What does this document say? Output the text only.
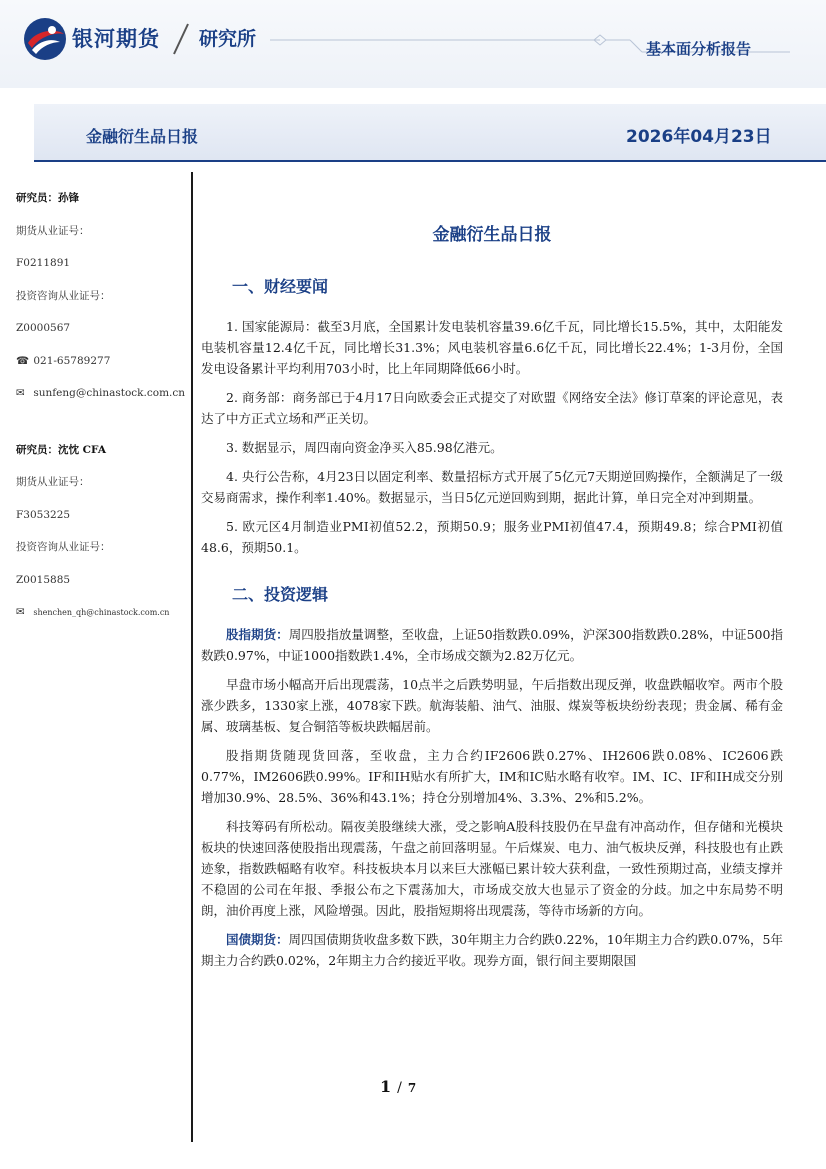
银河期货 研究所	基本面分析报告
金融衍生品日报	2026年04月23日
研究员：孙锋
期货从业证号：
F0211891
投资咨询从业证号：
Z0000567
☎ 021-65789277
✉ sunfeng@chinastock.com.cn
研究员：沈忱 CFA
期货从业证号：
F3053225
投资咨询从业证号：
Z0015885
✉ shenchen_qh@chinastock.com.cn
金融衍生品日报
一、财经要闻

1. 国家能源局：截至3月底，全国累计发电装机容量39.6亿千瓦，同比增长15.5%，其中，太阳能发电装机容量12.4亿千瓦，同比增长31.3%；风电装机容量6.6亿千瓦，同比增长22.4%；1-3月份，全国发电设备累计平均利用703小时，比上年同期降低66小时。

2. 商务部：商务部已于4月17日向欧委会正式提交了对欧盟《网络安全法》修订草案的评论意见，表达了中方正式立场和严正关切。

3. 数据显示，周四南向资金净买入85.98亿港元。

4. 央行公告称，4月23日以固定利率、数量招标方式开展了5亿元7天期逆回购操作，全额满足了一级交易商需求，操作利率1.40%。数据显示，当日5亿元逆回购到期，据此计算，单日完全对冲到期量。

5. 欧元区4月制造业PMI初值52.2，预期50.9；服务业PMI初值47.4，预期49.8；综合PMI初值48.6，预期50.1。

二、投资逻辑

股指期货：周四股指放量调整，至收盘，上证50指数跌0.09%，沪深300指数跌0.28%，中证500指数跌0.97%，中证1000指数跌1.4%，全市场成交额为2.82万亿元。

早盘市场小幅高开后出现震荡，10点半之后跌势明显，午后指数出现反弹，收盘跌幅收窄。两市个股涨少跌多，1330家上涨，4078家下跌。航海装船、油气、油服、煤炭等板块纷纷表现；贵金属、稀有金属、玻璃基板、复合铜箔等板块跌幅居前。

股指期货随现货回落，至收盘，主力合约IF2606跌0.27%、IH2606跌0.08%、IC2606跌0.77%，IM2606跌0.99%。IF和IH贴水有所扩大，IM和IC贴水略有收窄。IM、IC、IF和IH成交分别增加30.9%、28.5%、36%和43.1%；持仓分别增加4%、3.3%、2%和5.2%。

科技筹码有所松动。隔夜美股继续大涨，受之影响A股科技股仍在早盘有冲高动作，但存储和光模块板块的快速回落使股指出现震荡，午盘之前回落明显。午后煤炭、电力、油气板块反弹，科技股也有止跌迹象，指数跌幅略有收窄。科技板块本月以来巨大涨幅已累计较大获利盘，一致性预期过高，业绩支撑并不稳固的公司在年报、季报公布之下震荡加大，市场成交放大也显示了资金的分歧。加之中东局势不明朗，油价再度上涨，风险增强。因此，股指短期将出现震荡，等待市场新的方向。

国债期货：周四国债期货收盘多数下跌，30年期主力合约跌0.22%，10年期主力合约跌0.07%，5年期主力合约跌0.02%，2年期主力合约接近平收。现券方面，银行间主要期限国

1 / 7
